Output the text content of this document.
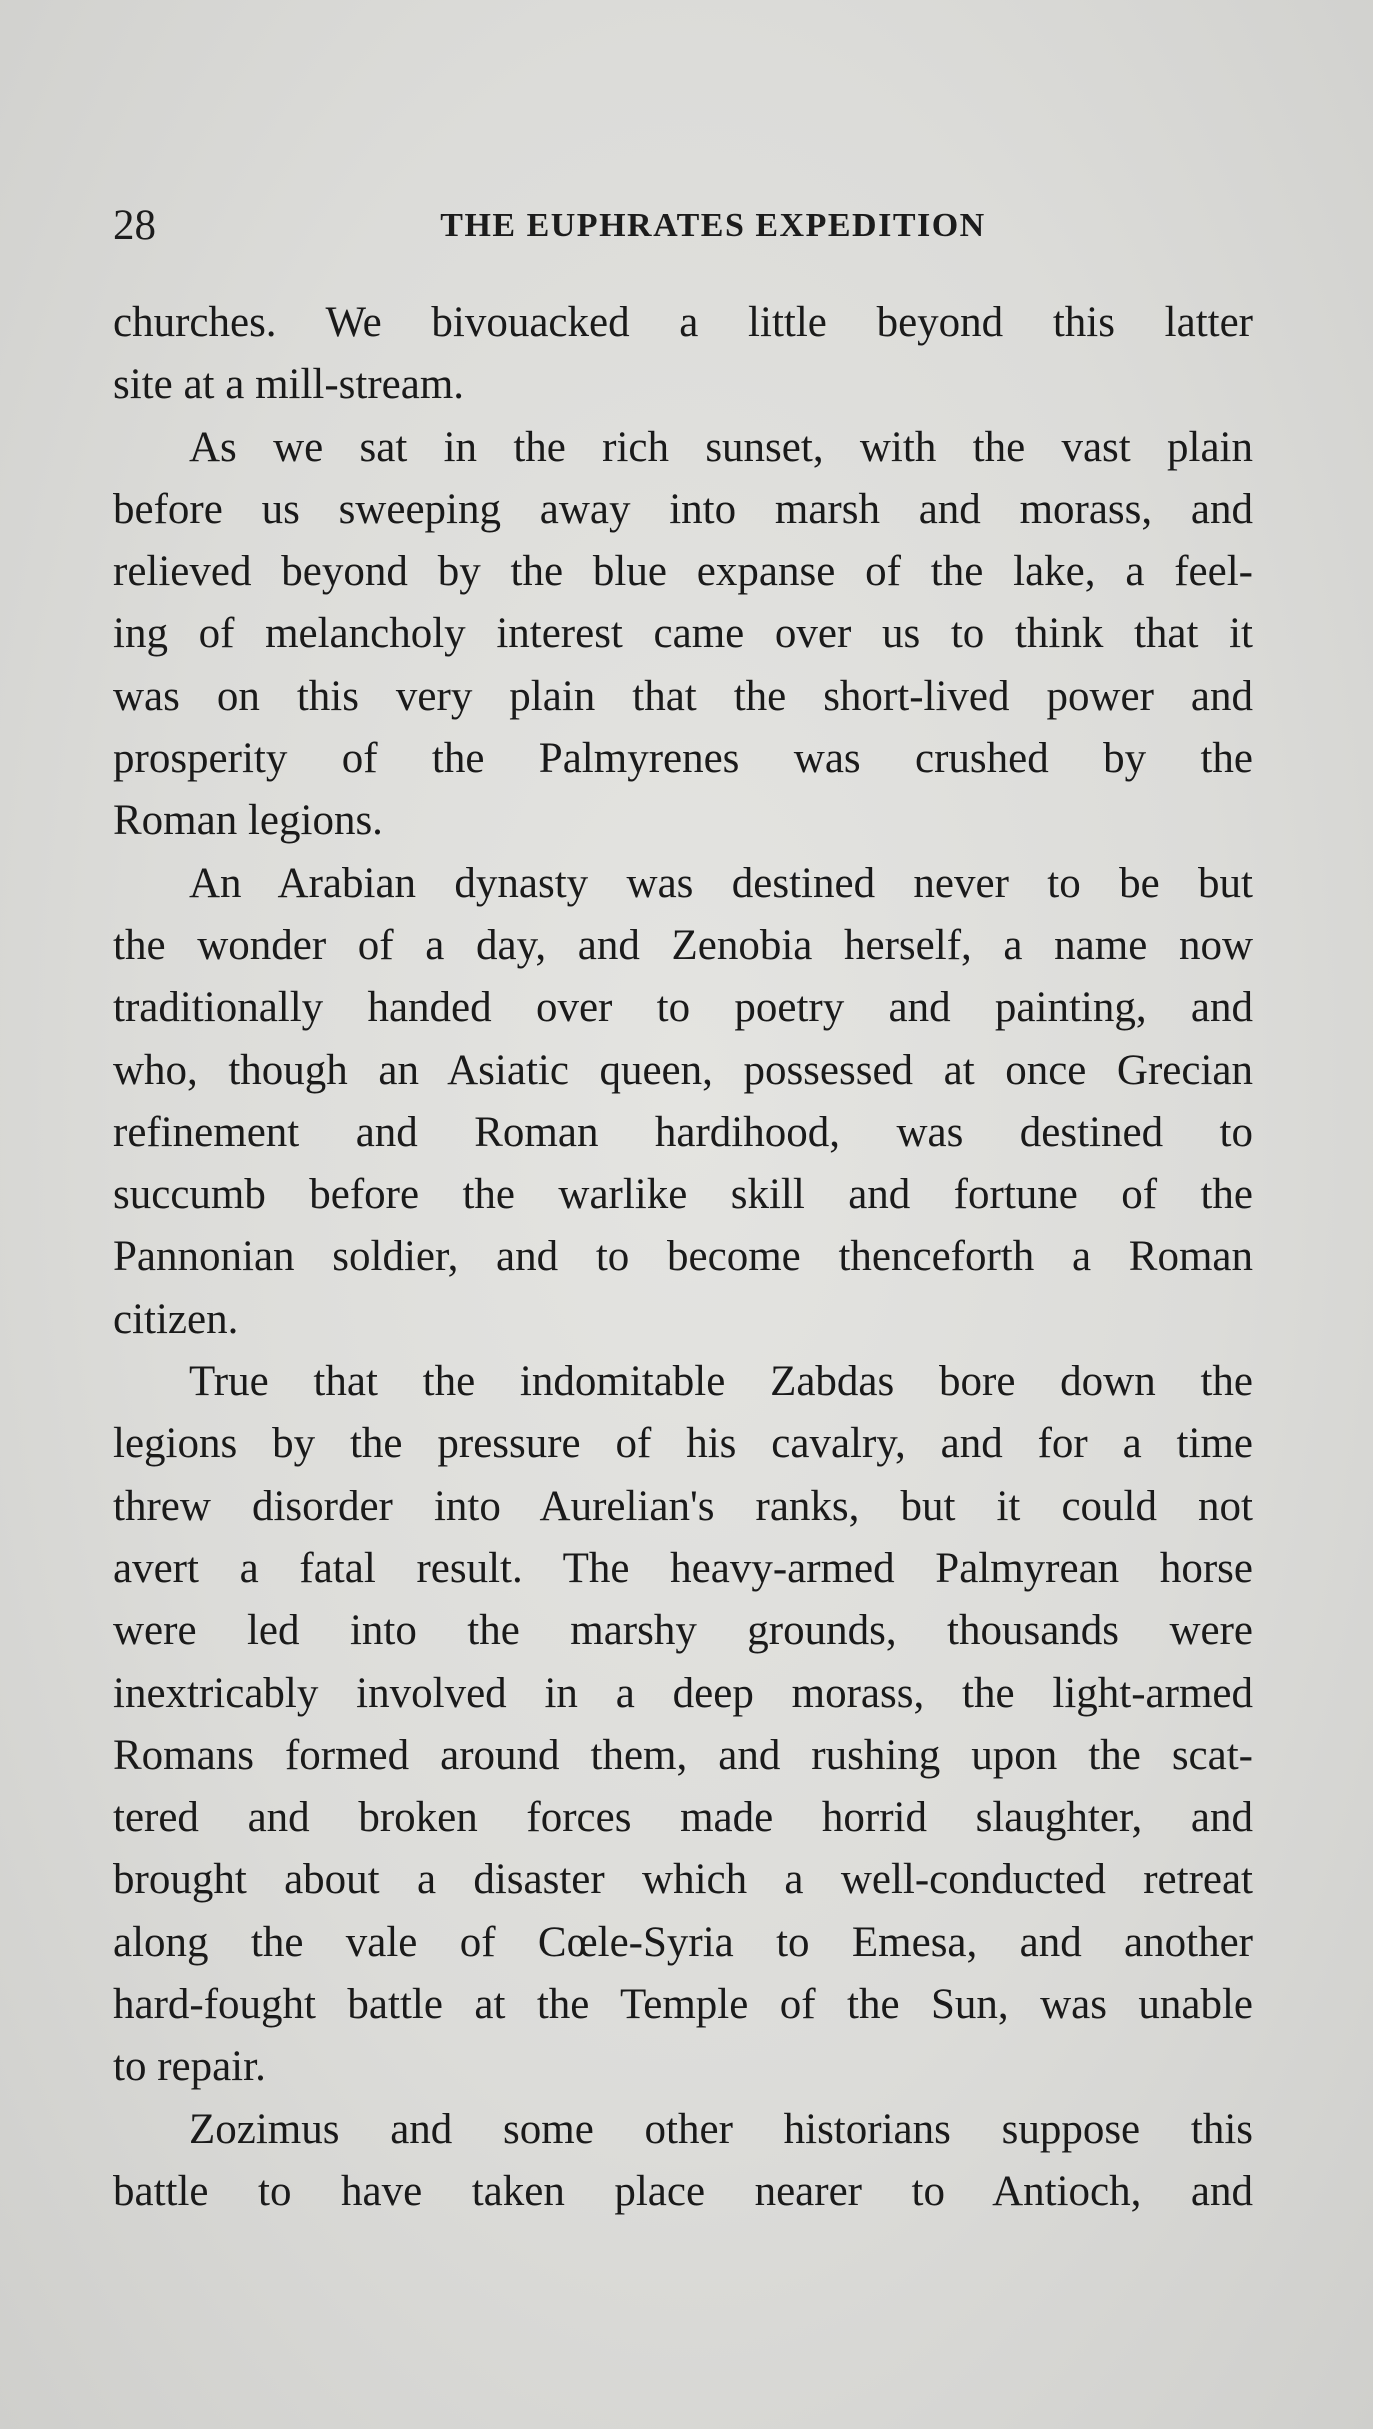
28	THE EUPHRATES EXPEDITION
churches. We bivouacked a little beyond this latter
site at a mill-stream.
As we sat in the rich sunset, with the vast plain
before us sweeping away into marsh and morass, and
relieved beyond by the blue expanse of the lake, a feel-
ing of melancholy interest came over us to think that it
was on this very plain that the short-lived power and
prosperity of the Palmyrenes was crushed by the
Roman legions.
An Arabian dynasty was destined never to be but
the wonder of a day, and Zenobia herself, a name now
traditionally handed over to poetry and painting, and
who, though an Asiatic queen, possessed at once Grecian
refinement and Roman hardihood, was destined to
succumb before the warlike skill and fortune of the
Pannonian soldier, and to become thenceforth a Roman
citizen.
True that the indomitable Zabdas bore down the
legions by the pressure of his cavalry, and for a time
threw disorder into Aurelian's ranks, but it could not
avert a fatal result. The heavy-armed Palmyrean horse
were led into the marshy grounds, thousands were
inextricably involved in a deep morass, the light-armed
Romans formed around them, and rushing upon the scat-
tered and broken forces made horrid slaughter, and
brought about a disaster which a well-conducted retreat
along the vale of Cœle-Syria to Emesa, and another
hard-fought battle at the Temple of the Sun, was unable
to repair.
Zozimus and some other historians suppose this
battle to have taken place nearer to Antioch, and
